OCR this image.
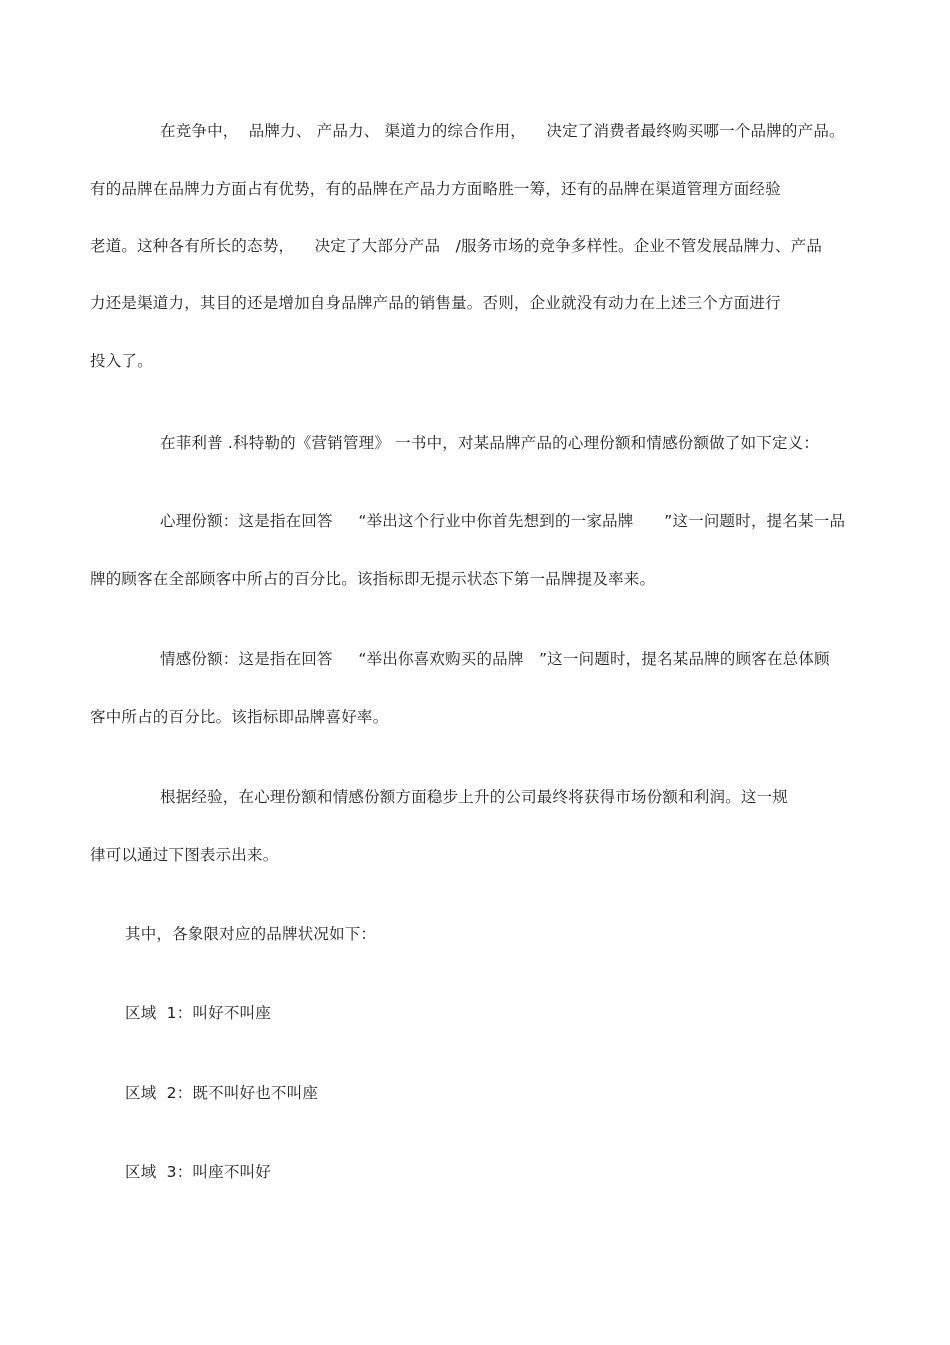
在竞争中，  品牌力、 产品力、 渠道力的综合作用，    决定了消费者最终购买哪一个品牌的产品。
有的品牌在品牌力方面占有优势，有的品牌在产品力方面略胜一筹，还有的品牌在渠道管理方面经验
老道。这种各有所长的态势，    决定了大部分产品   /服务市场的竞争多样性。企业不管发展品牌力、产品
力还是渠道力，其目的还是增加自身品牌产品的销售量。否则，企业就没有动力在上述三个方面进行
投入了。
在菲利普 .科特勒的《营销管理》 一书中，对某品牌产品的心理份额和情感份额做了如下定义：
心理份额：这是指在回答     “举出这个行业中你首先想到的一家品牌      ”这一问题时，提名某一品
牌的顾客在全部顾客中所占的百分比。该指标即无提示状态下第一品牌提及率来。
情感份额：这是指在回答     “举出你喜欢购买的品牌   ”这一问题时，提名某品牌的顾客在总体顾
客中所占的百分比。该指标即品牌喜好率。
根据经验，在心理份额和情感份额方面稳步上升的公司最终将获得市场份额和利润。这一规
律可以通过下图表示出来。
其中，各象限对应的品牌状况如下：
区域  1：叫好不叫座
区域  2：既不叫好也不叫座
区域  3：叫座不叫好
